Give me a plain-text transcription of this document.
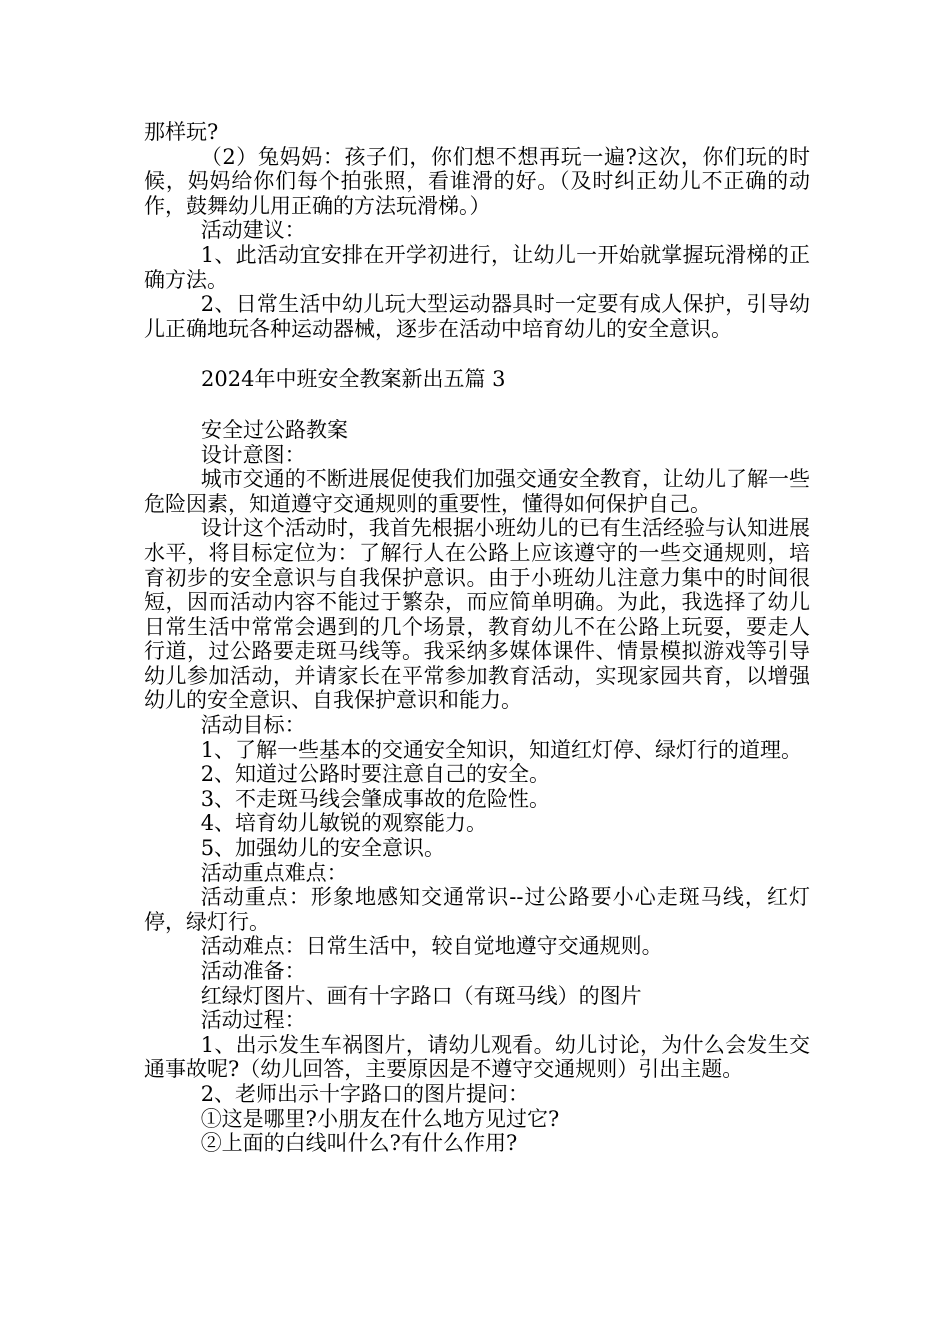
那样玩?

（2）兔妈妈：孩子们，你们想不想再玩一遍?这次，你们玩的时候，妈妈给你们每个拍张照，看谁滑的好。（及时纠正幼儿不正确的动作，鼓舞幼儿用正确的方法玩滑梯。）

活动建议：

1、此活动宜安排在开学初进行，让幼儿一开始就掌握玩滑梯的正确方法。

2、日常生活中幼儿玩大型运动器具时一定要有成人保护，引导幼儿正确地玩各种运动器械，逐步在活动中培育幼儿的安全意识。

2024年中班安全教案新出五篇 3

安全过公路教案

设计意图：

城市交通的不断进展促使我们加强交通安全教育，让幼儿了解一些危险因素，知道遵守交通规则的重要性，懂得如何保护自己。

设计这个活动时，我首先根据小班幼儿的已有生活经验与认知进展水平，将目标定位为：了解行人在公路上应该遵守的一些交通规则，培育初步的安全意识与自我保护意识。由于小班幼儿注意力集中的时间很短，因而活动内容不能过于繁杂，而应简单明确。为此，我选择了幼儿日常生活中常常会遇到的几个场景，教育幼儿不在公路上玩耍，要走人行道，过公路要走斑马线等。我采纳多媒体课件、情景模拟游戏等引导幼儿参加活动，并请家长在平常参加教育活动，实现家园共育，以增强幼儿的安全意识、自我保护意识和能力。

活动目标：

1、了解一些基本的交通安全知识，知道红灯停、绿灯行的道理。

2、知道过公路时要注意自己的安全。

3、不走斑马线会肇成事故的危险性。

4、培育幼儿敏锐的观察能力。

5、加强幼儿的安全意识。

活动重点难点：

活动重点：形象地感知交通常识--过公路要小心走斑马线，红灯停，绿灯行。

活动难点：日常生活中，较自觉地遵守交通规则。

活动准备：

红绿灯图片、画有十字路口（有斑马线）的图片

活动过程：

1、出示发生车祸图片，请幼儿观看。幼儿讨论，为什么会发生交通事故呢?（幼儿回答，主要原因是不遵守交通规则）引出主题。

2、老师出示十字路口的图片提问：

①这是哪里?小朋友在什么地方见过它?

②上面的白线叫什么?有什么作用?
